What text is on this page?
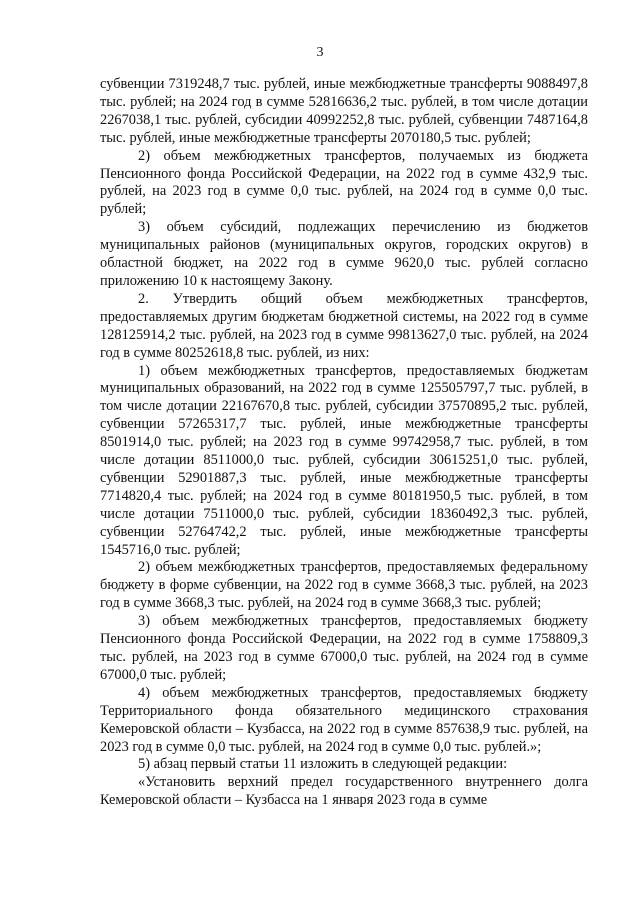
3

субвенции 7319248,7 тыс. рублей, иные межбюджетные трансферты 9088497,8 тыс. рублей; на 2024 год в сумме 52816636,2 тыс. рублей, в том числе дотации 2267038,1 тыс. рублей, субсидии 40992252,8 тыс. рублей, субвенции 7487164,8 тыс. рублей, иные межбюджетные трансферты 2070180,5 тыс. рублей;

2) объем межбюджетных трансфертов, получаемых из бюджета Пенсионного фонда Российской Федерации, на 2022 год в сумме 432,9 тыс. рублей, на 2023 год в сумме 0,0 тыс. рублей, на 2024 год в сумме 0,0 тыс. рублей;

3) объем субсидий, подлежащих перечислению из бюджетов муниципальных районов (муниципальных округов, городских округов) в областной бюджет, на 2022 год в сумме 9620,0 тыс. рублей согласно приложению 10 к настоящему Закону.

2. Утвердить общий объем межбюджетных трансфертов, предоставляемых другим бюджетам бюджетной системы, на 2022 год в сумме 128125914,2 тыс. рублей, на 2023 год в сумме 99813627,0 тыс. рублей, на 2024 год в сумме 80252618,8 тыс. рублей, из них:

1) объем межбюджетных трансфертов, предоставляемых бюджетам муниципальных образований, на 2022 год в сумме 125505797,7 тыс. рублей, в том числе дотации 22167670,8 тыс. рублей, субсидии 37570895,2 тыс. рублей, субвенции 57265317,7 тыс. рублей, иные межбюджетные трансферты 8501914,0 тыс. рублей; на 2023 год в сумме 99742958,7 тыс. рублей, в том числе дотации 8511000,0 тыс. рублей, субсидии 30615251,0 тыс. рублей, субвенции 52901887,3 тыс. рублей, иные межбюджетные трансферты 7714820,4 тыс. рублей; на 2024 год в сумме 80181950,5 тыс. рублей, в том числе дотации 7511000,0 тыс. рублей, субсидии 18360492,3 тыс. рублей, субвенции 52764742,2 тыс. рублей, иные межбюджетные трансферты 1545716,0 тыс. рублей;

2) объем межбюджетных трансфертов, предоставляемых федеральному бюджету в форме субвенции, на 2022 год в сумме 3668,3 тыс. рублей, на 2023 год в сумме 3668,3 тыс. рублей, на 2024 год в сумме 3668,3 тыс. рублей;

3) объем межбюджетных трансфертов, предоставляемых бюджету Пенсионного фонда Российской Федерации, на 2022 год в сумме 1758809,3 тыс. рублей, на 2023 год в сумме 67000,0 тыс. рублей, на 2024 год в сумме 67000,0 тыс. рублей;

4) объем межбюджетных трансфертов, предоставляемых бюджету Территориального фонда обязательного медицинского страхования Кемеровской области – Кузбасса, на 2022 год в сумме 857638,9 тыс. рублей, на 2023 год в сумме 0,0 тыс. рублей, на 2024 год в сумме 0,0 тыс. рублей.»;

5) абзац первый статьи 11 изложить в следующей редакции:

«Установить верхний предел государственного внутреннего долга Кемеровской области – Кузбасса на 1 января 2023 года в сумме
